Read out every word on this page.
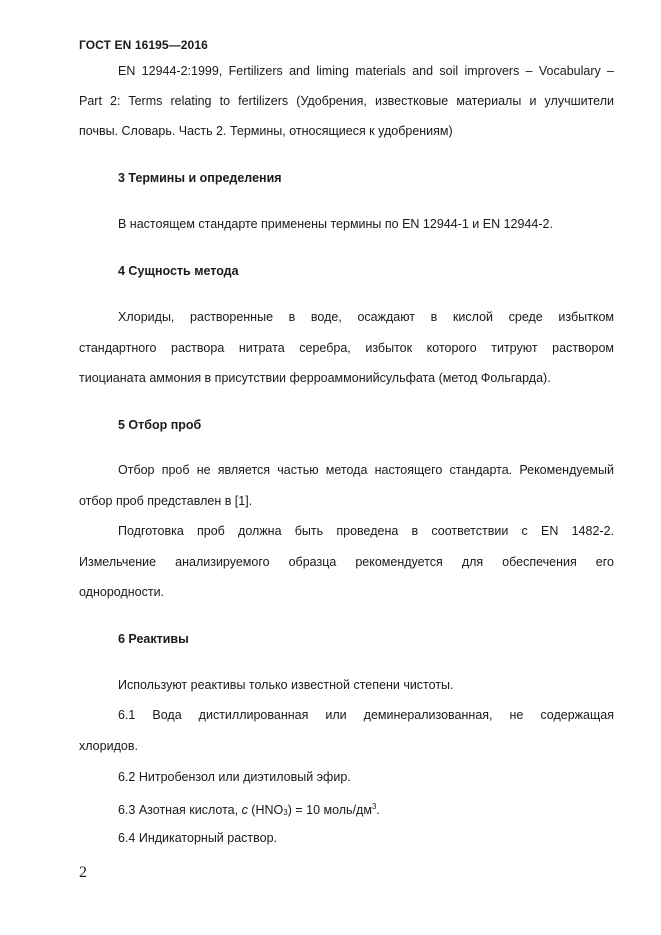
ГОСТ EN 16195—2016
EN 12944-2:1999, Fertilizers and liming materials and soil improvers – Vocabulary –
Part 2: Terms relating to fertilizers (Удобрения, известковые материалы и улучшители
почвы. Словарь. Часть 2. Термины, относящиеся к удобрениям)
3 Термины и определения
В настоящем стандарте применены термины по EN 12944-1 и EN 12944-2.
4 Сущность метода
Хлориды, растворенные в воде, осаждают в кислой среде избытком
стандартного раствора нитрата серебра, избыток которого титруют раствором
тиоцианата аммония в присутствии ферроаммонийсульфата (метод Фольгарда).
5 Отбор проб
Отбор проб не является частью метода настоящего стандарта. Рекомендуемый
отбор проб представлен в [1].
Подготовка проб должна быть проведена в соответствии с EN 1482-2.
Измельчение анализируемого образца рекомендуется для обеспечения его
однородности.
6 Реактивы
Используют реактивы только известной степени чистоты.
6.1 Вода дистиллированная или деминерализованная, не содержащая
хлоридов.
6.2 Нитробензол или диэтиловый эфир.
6.3 Азотная кислота, c $(HNO_3) = 10$ моль/$дм^3$.
6.4 Индикаторный раствор.
2
